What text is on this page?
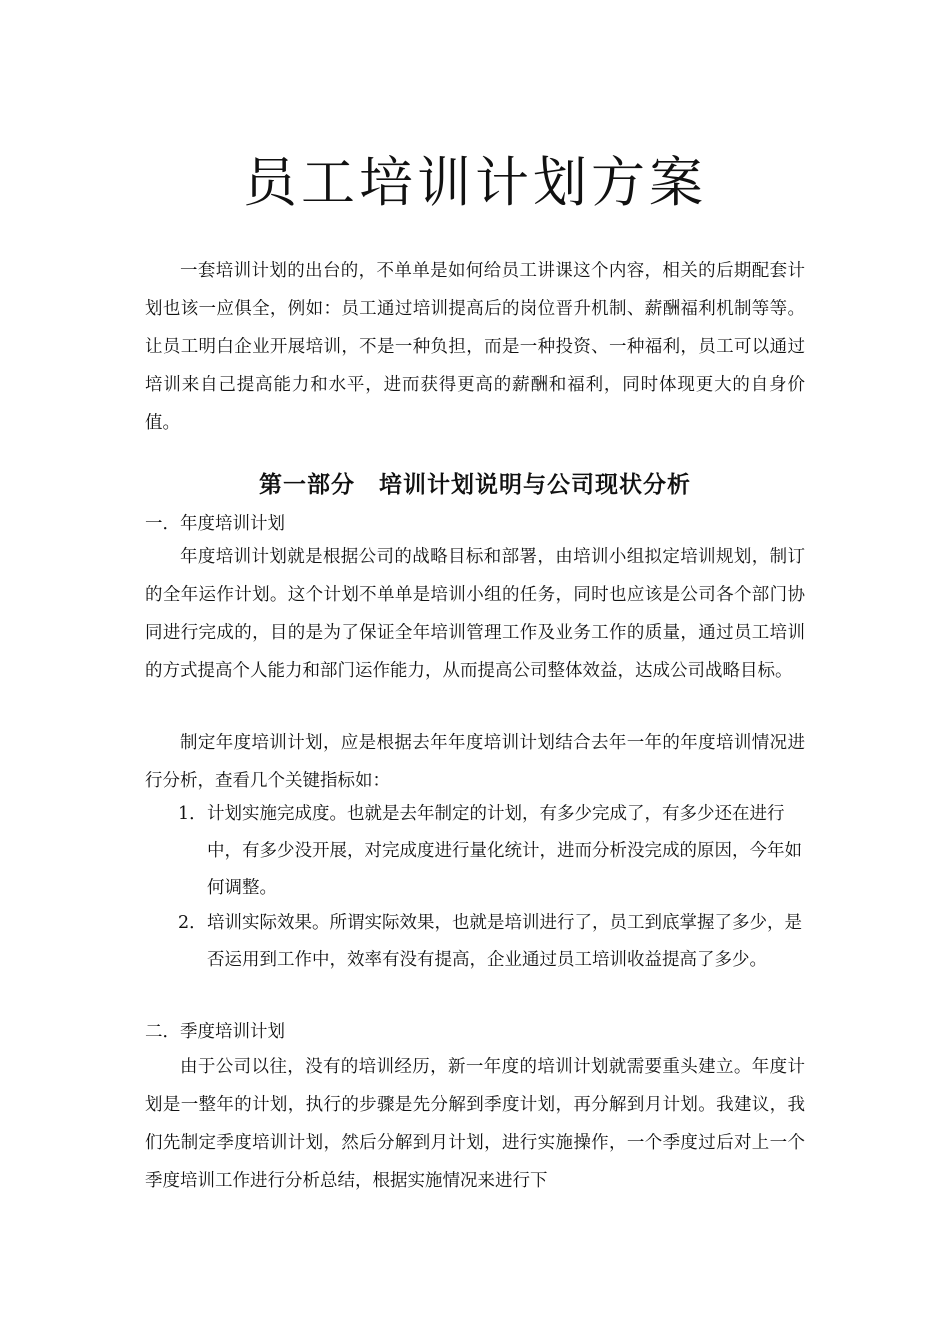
员工培训计划方案

一套培训计划的出台的，不单单是如何给员工讲课这个内容，相关的后期配套计划也该一应俱全，例如：员工通过培训提高后的岗位晋升机制、薪酬福利机制等等。让员工明白企业开展培训，不是一种负担，而是一种投资、一种福利，员工可以通过培训来自己提高能力和水平，进而获得更高的薪酬和福利，同时体现更大的自身价值。

第一部分　培训计划说明与公司现状分析
一．年度培训计划

年度培训计划就是根据公司的战略目标和部署，由培训小组拟定培训规划，制订的全年运作计划。这个计划不单单是培训小组的任务，同时也应该是公司各个部门协同进行完成的，目的是为了保证全年培训管理工作及业务工作的质量，通过员工培训的方式提高个人能力和部门运作能力，从而提高公司整体效益，达成公司战略目标。

制定年度培训计划，应是根据去年年度培训计划结合去年一年的年度培训情况进行分析，查看几个关键指标如：

1． 计划实施完成度。也就是去年制定的计划，有多少完成了，有多少还在进行中，有多少没开展，对完成度进行量化统计，进而分析没完成的原因，今年如何调整。
2． 培训实际效果。所谓实际效果，也就是培训进行了，员工到底掌握了多少，是否运用到工作中，效率有没有提高，企业通过员工培训收益提高了多少。
二．季度培训计划

由于公司以往，没有的培训经历，新一年度的培训计划就需要重头建立。年度计划是一整年的计划，执行的步骤是先分解到季度计划，再分解到月计划。我建议，我们先制定季度培训计划，然后分解到月计划，进行实施操作，一个季度过后对上一个季度培训工作进行分析总结，根据实施情况来进行下
